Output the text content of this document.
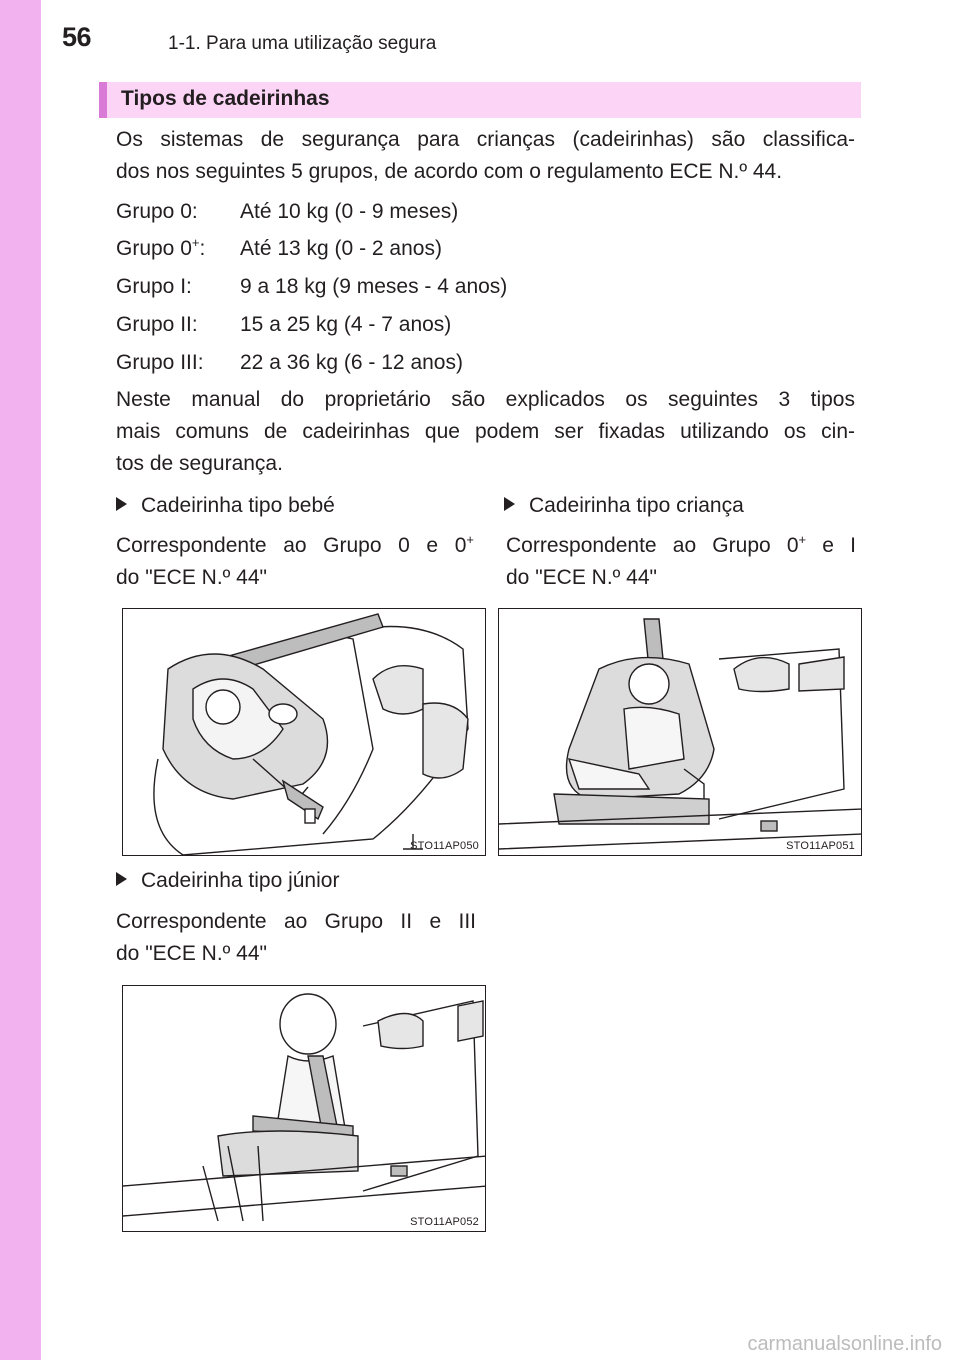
56	1-1. Para uma utilização segura
Tipos de cadeirinhas
Os sistemas de segurança para crianças (cadeirinhas) são classifica-
dos nos seguintes 5 grupos, de acordo com o regulamento ECE N.º 44.
Grupo 0: Até 10 kg (0 - 9 meses)
Grupo 0+: Até 13 kg (0 - 2 anos)
Grupo I: 9 a 18 kg (9 meses - 4 anos)
Grupo II: 15 a 25 kg (4 - 7 anos)
Grupo III: 22 a 36 kg (6 - 12 anos)
Neste manual do proprietário são explicados os seguintes 3 tipos
mais comuns de cadeirinhas que podem ser fixadas utilizando os cin-
tos de segurança.
Cadeirinha tipo bebé
Correspondente ao Grupo 0 e 0+
do "ECE N.º 44"
Cadeirinha tipo criança
Correspondente ao Grupo 0+ e I
do "ECE N.º 44"
STO11AP050	STO11AP051
Cadeirinha tipo júnior
Correspondente ao Grupo II e III
do "ECE N.º 44"
STO11AP052
carmanualsonline.info
